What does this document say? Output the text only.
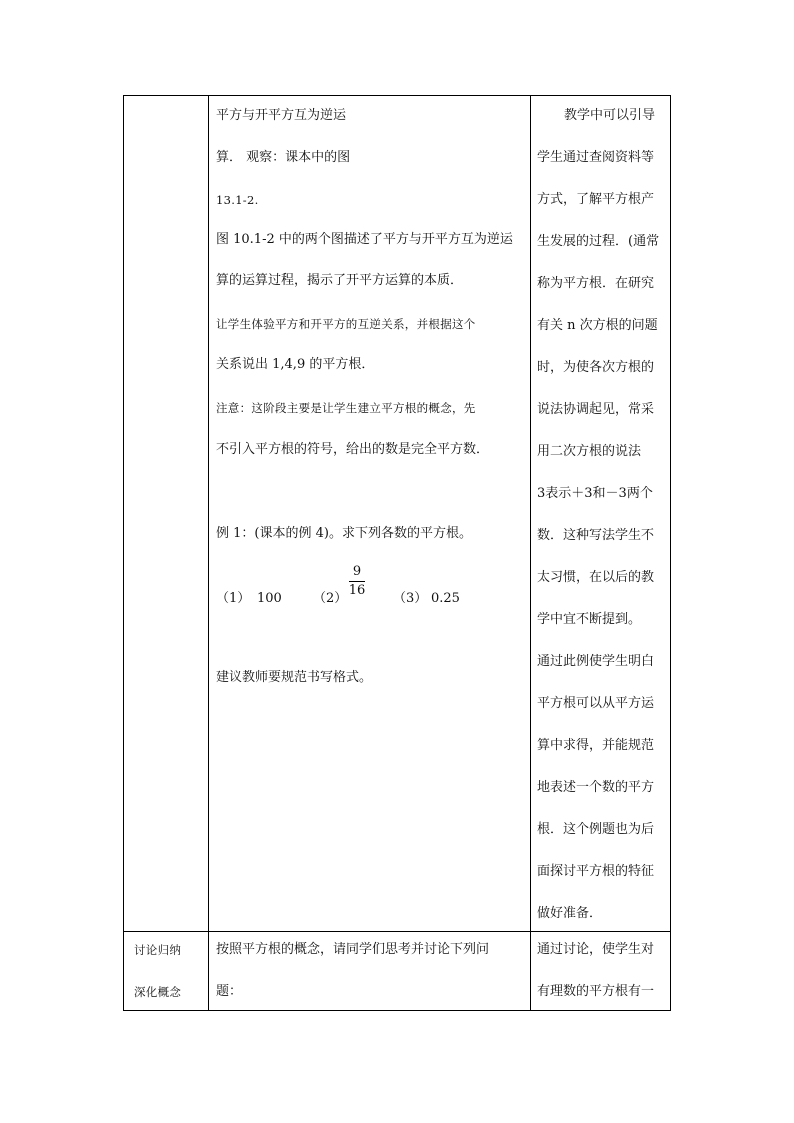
平方与开平方互为逆运
算． 观察：课本中的图
13.1-2.
图 10.1-2 中的两个图描述了平方与开平方互为逆运
算的运算过程，揭示了开平方运算的本质．
让学生体验平方和开平方的互逆关系，并根据这个
关系说出 1,4,9 的平方根．
注意：这阶段主要是让学生建立平方根的概念，先
不引入平方根的符号，给出的数是完全平方数．
例 1：(课本的例 4)。求下列各数的平方根。
（1） 100 （2）
9
16
（3） 0.25
建议教师要规范书写格式。
教学中可以引导
学生通过查阅资料等
方式，了解平方根产
生发展的过程．(通常
称为平方根．在研究
有关 n 次方根的问题
时，为使各次方根的
说法协调起见，常采
用二次方根的说法
3表示＋3和－3两个
数．这种写法学生不
太习惯，在以后的教
学中宜不断提到。
通过此例使学生明白
平方根可以从平方运
算中求得，并能规范
地表述一个数的平方
根．这个例题也为后
面探讨平方根的特征
做好准备．
讨论归纳
深化概念
按照平方根的概念，请同学们思考并讨论下列问
题：
通过讨论，使学生对
有理数的平方根有一
